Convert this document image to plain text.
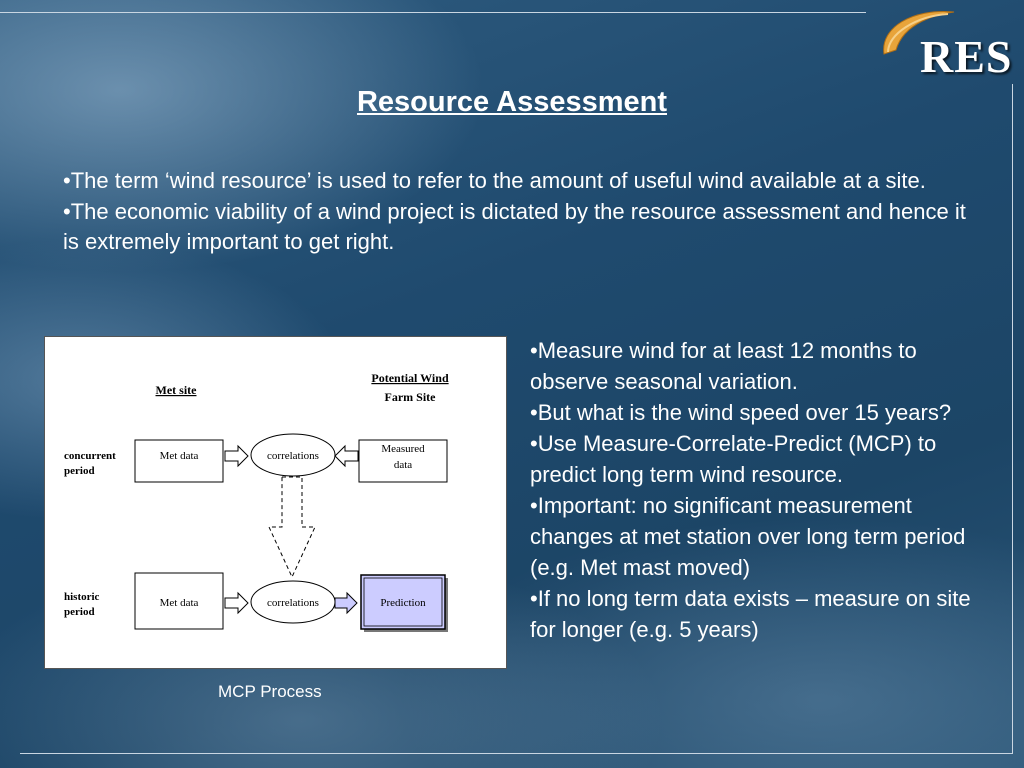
RES
Resource Assessment

•The term ‘wind resource’ is used to refer to the amount of useful wind available at a site.

•The economic viability of a wind project is dictated by the resource assessment and hence it is extremely important to get right.

Met site
Potential Wind
Farm Site
concurrent
period
historic
period
Met data	correlations
Measured
data
Met data	correlations	Prediction
MCP Process

•Measure wind for at least 12 months to observe seasonal variation.

•But what is the wind speed over 15 years?

•Use Measure-Correlate-Predict (MCP) to predict long term wind resource.

•Important: no significant measurement changes at met station over long term period (e.g. Met mast moved)

•If no long term data exists – measure on site for longer (e.g. 5 years)
